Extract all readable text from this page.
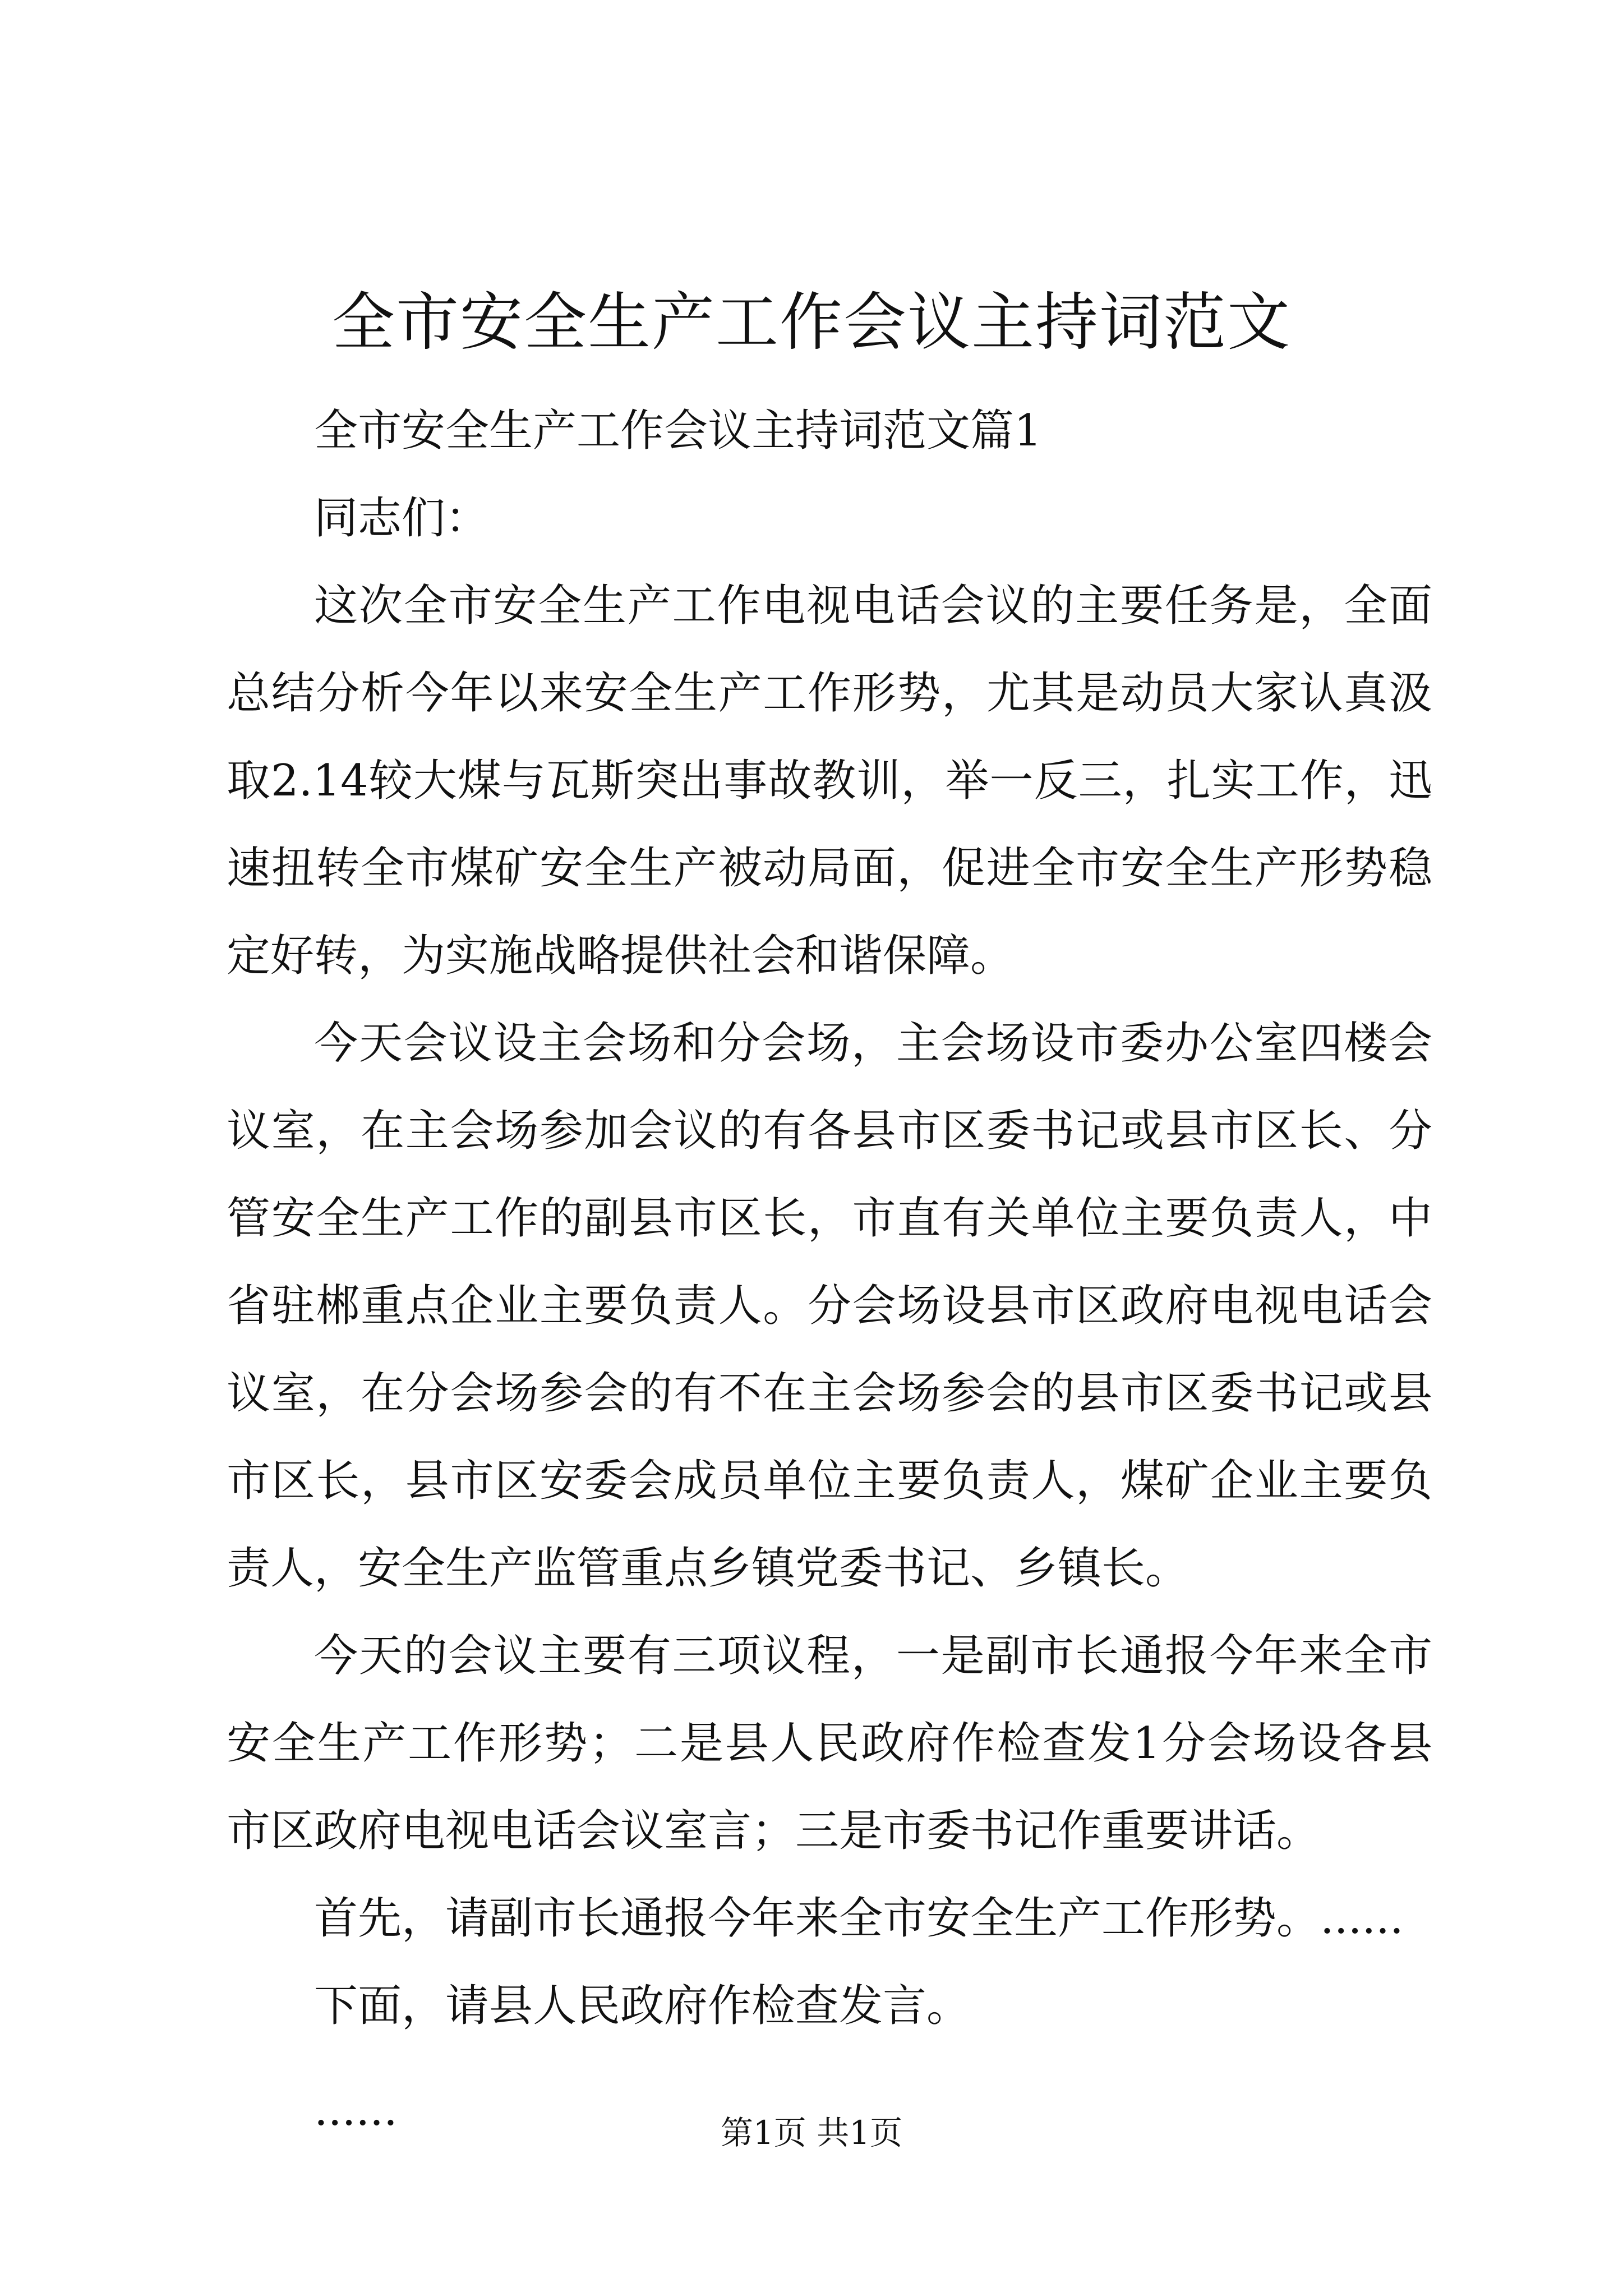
全市安全生产工作会议主持词范文

全市安全生产工作会议主持词范文篇1

同志们：

这次全市安全生产工作电视电话会议的主要任务是，全面总结分析今年以来安全生产工作形势，尤其是动员大家认真汲取2.14较大煤与瓦斯突出事故教训，举一反三，扎实工作，迅速扭转全市煤矿安全生产被动局面，促进全市安全生产形势稳定好转，为实施战略提供社会和谐保障。

今天会议设主会场和分会场，主会场设市委办公室四楼会议室，在主会场参加会议的有各县市区委书记或县市区长、分管安全生产工作的副县市区长，市直有关单位主要负责人，中省驻郴重点企业主要负责人。分会场设县市区政府电视电话会议室，在分会场参会的有不在主会场参会的县市区委书记或县市区长，县市区安委会成员单位主要负责人，煤矿企业主要负责人，安全生产监管重点乡镇党委书记、乡镇长。

今天的会议主要有三项议程，一是副市长通报今年来全市安全生产工作形势；二是县人民政府作检查发1分会场设各县市区政府电视电话会议室言；三是市委书记作重要讲话。

首先，请副市长通报今年来全市安全生产工作形势。......

下面，请县人民政府作检查发言。

......	第1页 共1页
